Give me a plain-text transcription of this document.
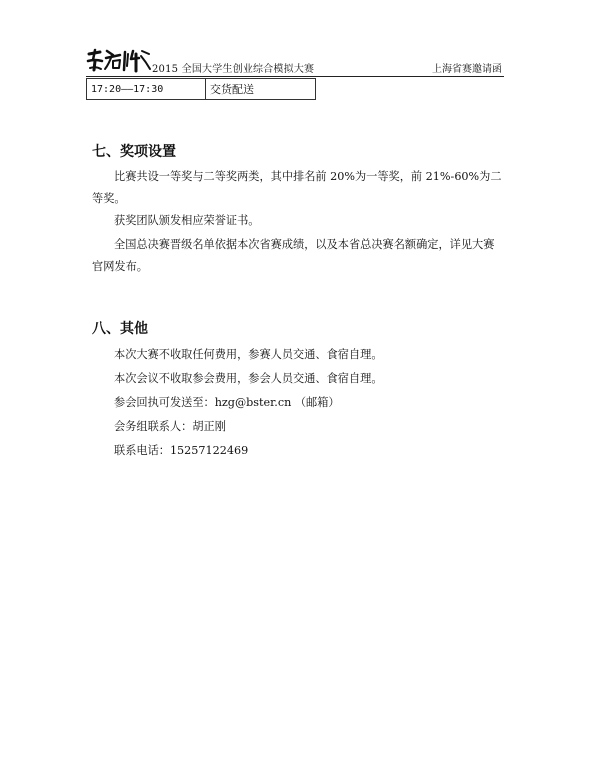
2015 全国大学生创业综合模拟大赛	上海省赛邀请函
17:20——17:30	交货配送
七、奖项设置

比赛共设一等奖与二等奖两类，其中排名前 20%为一等奖，前 21%-60%为二等奖。

获奖团队颁发相应荣誉证书。

全国总决赛晋级名单依据本次省赛成绩，以及本省总决赛名额确定，详见大赛官网发布。

八、其他
本次大赛不收取任何费用，参赛人员交通、食宿自理。
本次会议不收取参会费用，参会人员交通、食宿自理。
参会回执可发送至：hzg@bster.cn （邮箱）
会务组联系人：胡正刚
联系电话：15257122469
